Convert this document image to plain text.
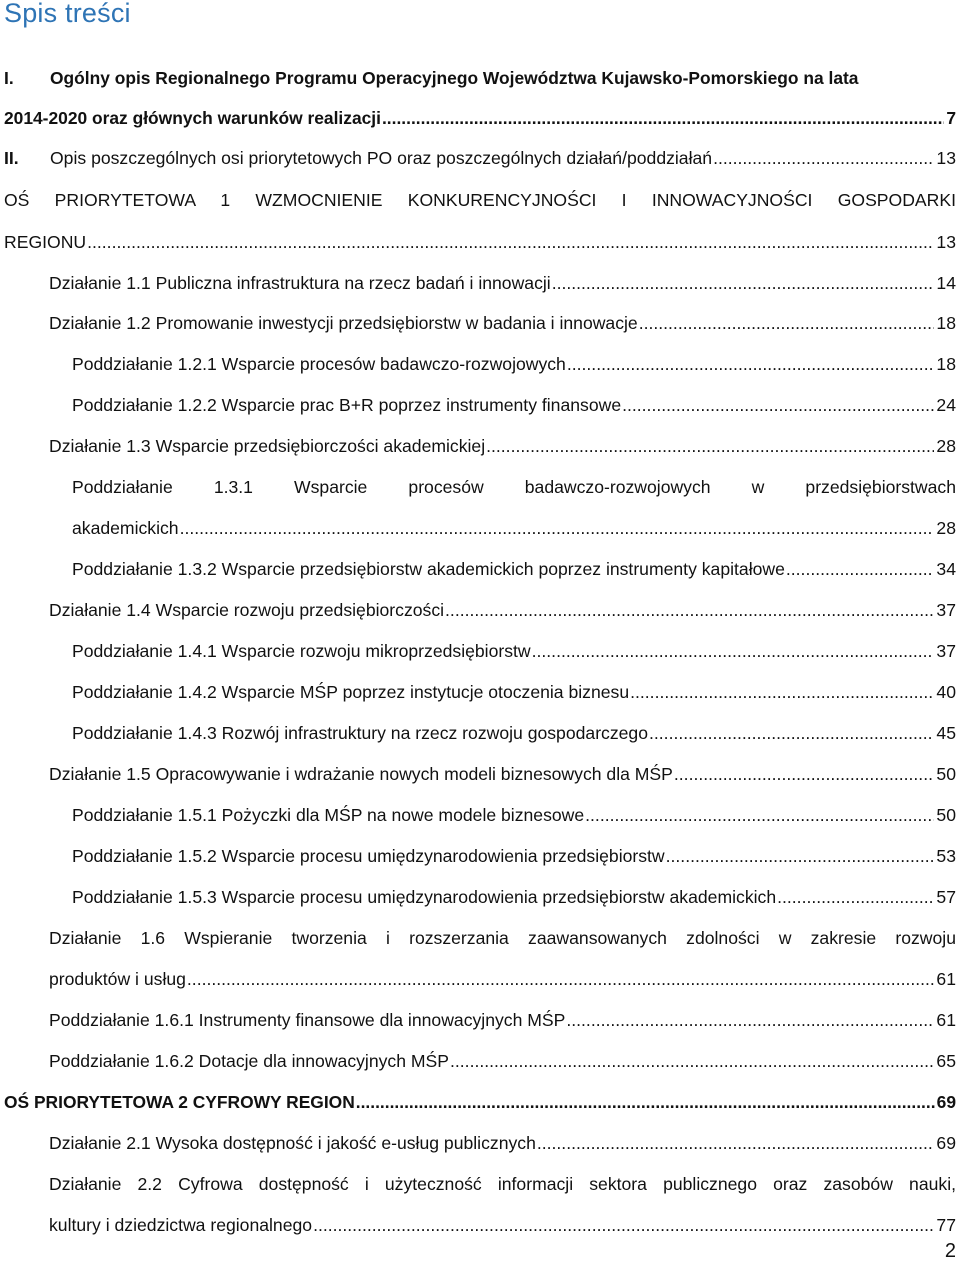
Spis treści
I. Ogólny opis Regionalnego Programu Operacyjnego Województwa Kujawsko-Pomorskiego na lata
2014-2020 oraz głównych warunków realizacji .....	7
II. Opis poszczególnych osi priorytetowych PO oraz poszczególnych działań/poddziałań .....	13
OŚ PRIORYTETOWA 1 WZMOCNIENIE KONKURENCYJNOŚCI I INNOWACYJNOŚCI GOSPODARKI
REGIONU .....	13
Działanie 1.1 Publiczna infrastruktura na rzecz badań i innowacji .....	14
Działanie 1.2 Promowanie inwestycji przedsiębiorstw w badania i innowacje .....	18
Poddziałanie 1.2.1 Wsparcie procesów badawczo-rozwojowych .....	18
Poddziałanie 1.2.2 Wsparcie prac B+R poprzez instrumenty finansowe .....	24
Działanie 1.3 Wsparcie przedsiębiorczości akademickiej .....	28
Poddziałanie 1.3.1 Wsparcie procesów badawczo-rozwojowych w przedsiębiorstwach
akademickich .....	28
Poddziałanie 1.3.2 Wsparcie przedsiębiorstw akademickich poprzez instrumenty kapitałowe .....	34
Działanie 1.4 Wsparcie rozwoju przedsiębiorczości .....	37
Poddziałanie 1.4.1 Wsparcie rozwoju mikroprzedsiębiorstw .....	37
Poddziałanie 1.4.2 Wsparcie MŚP poprzez instytucje otoczenia biznesu .....	40
Poddziałanie 1.4.3 Rozwój infrastruktury na rzecz rozwoju gospodarczego .....	45
Działanie 1.5 Opracowywanie i wdrażanie nowych modeli biznesowych dla MŚP .....	50
Poddziałanie 1.5.1 Pożyczki dla MŚP na nowe modele biznesowe .....	50
Poddziałanie 1.5.2 Wsparcie procesu umiędzynarodowienia przedsiębiorstw .....	53
Poddziałanie 1.5.3 Wsparcie procesu umiędzynarodowienia przedsiębiorstw akademickich .....	57
Działanie 1.6 Wspieranie tworzenia i rozszerzania zaawansowanych zdolności w zakresie rozwoju
produktów i usług .....	61
Poddziałanie 1.6.1 Instrumenty finansowe dla innowacyjnych MŚP .....	61
Poddziałanie 1.6.2 Dotacje dla innowacyjnych MŚP .....	65
OŚ PRIORYTETOWA 2 CYFROWY REGION .....	69
Działanie 2.1 Wysoka dostępność i jakość e-usług publicznych .....	69
Działanie 2.2 Cyfrowa dostępność i użyteczność informacji sektora publicznego oraz zasobów nauki,
kultury i dziedzictwa regionalnego .....	77
2
